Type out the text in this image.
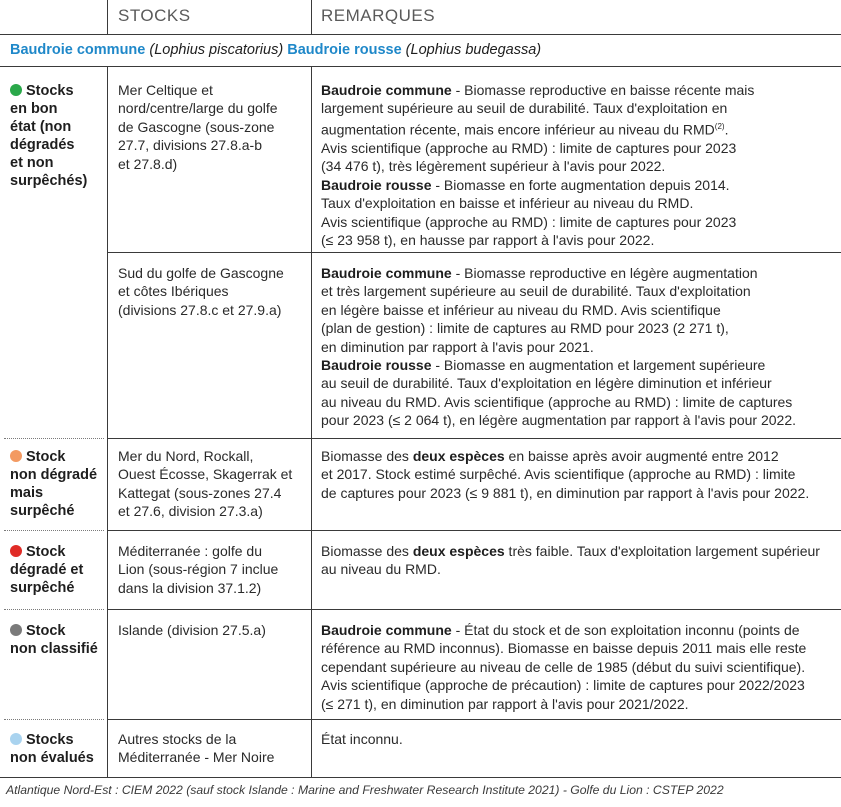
STOCKS	REMARQUES
Baudroie commune (Lophius piscatorius) Baudroie rousse (Lophius budegassa)
Stocks
en bon
état (non
dégradés
et non
surpêchés)
Mer Celtique et
nord/centre/large du golfe
de Gascogne (sous-zone
27.7, divisions 27.8.a-b
et 27.8.d)
Baudroie commune - Biomasse reproductive en baisse récente mais
largement supérieure au seuil de durabilité. Taux d'exploitation en
augmentation récente, mais encore inférieur au niveau du RMD$^{(2)}$.
Avis scientifique (approche au RMD) : limite de captures pour 2023
(34 476 t), très légèrement supérieur à l'avis pour 2022.
Baudroie rousse - Biomasse en forte augmentation depuis 2014.
Taux d'exploitation en baisse et inférieur au niveau du RMD.
Avis scientifique (approche au RMD) : limite de captures pour 2023
(≤ 23 958 t), en hausse par rapport à l'avis pour 2022.
Sud du golfe de Gascogne
et côtes Ibériques
(divisions 27.8.c et 27.9.a)
Baudroie commune - Biomasse reproductive en légère augmentation
et très largement supérieure au seuil de durabilité. Taux d'exploitation
en légère baisse et inférieur au niveau du RMD. Avis scientifique
(plan de gestion) : limite de captures au RMD pour 2023 (2 271 t),
en diminution par rapport à l'avis pour 2021.
Baudroie rousse - Biomasse en augmentation et largement supérieure
au seuil de durabilité. Taux d'exploitation en légère diminution et inférieur
au niveau du RMD. Avis scientifique (approche au RMD) : limite de captures
pour 2023 (≤ 2 064 t), en légère augmentation par rapport à l'avis pour 2022.
Stock
non dégradé
mais
surpêché
Mer du Nord, Rockall,
Ouest Écosse, Skagerrak et
Kattegat (sous-zones 27.4
et 27.6, division 27.3.a)
Biomasse des deux espèces en baisse après avoir augmenté entre 2012
et 2017. Stock estimé surpêché. Avis scientifique (approche au RMD) : limite
de captures pour 2023 (≤ 9 881 t), en diminution par rapport à l'avis pour 2022.
Stock
dégradé et
surpêché
Méditerranée : golfe du
Lion (sous-région 7 inclue
dans la division 37.1.2)
Biomasse des deux espèces très faible. Taux d'exploitation largement supérieur
au niveau du RMD.
Stock
non classifié
Islande (division 27.5.a)	Baudroie commune - État du stock et de son exploitation inconnu (points de
référence au RMD inconnus). Biomasse en baisse depuis 2011 mais elle reste
cependant supérieure au niveau de celle de 1985 (début du suivi scientifique).
Avis scientifique (approche de précaution) : limite de captures pour 2022/2023
(≤ 271 t), en diminution par rapport à l'avis pour 2021/2022.
Stocks
non évalués
Autres stocks de la
Méditerranée - Mer Noire
État inconnu.
Atlantique Nord-Est : CIEM 2022 (sauf stock Islande : Marine and Freshwater Research Institute 2021) - Golfe du Lion : CSTEP 2022
